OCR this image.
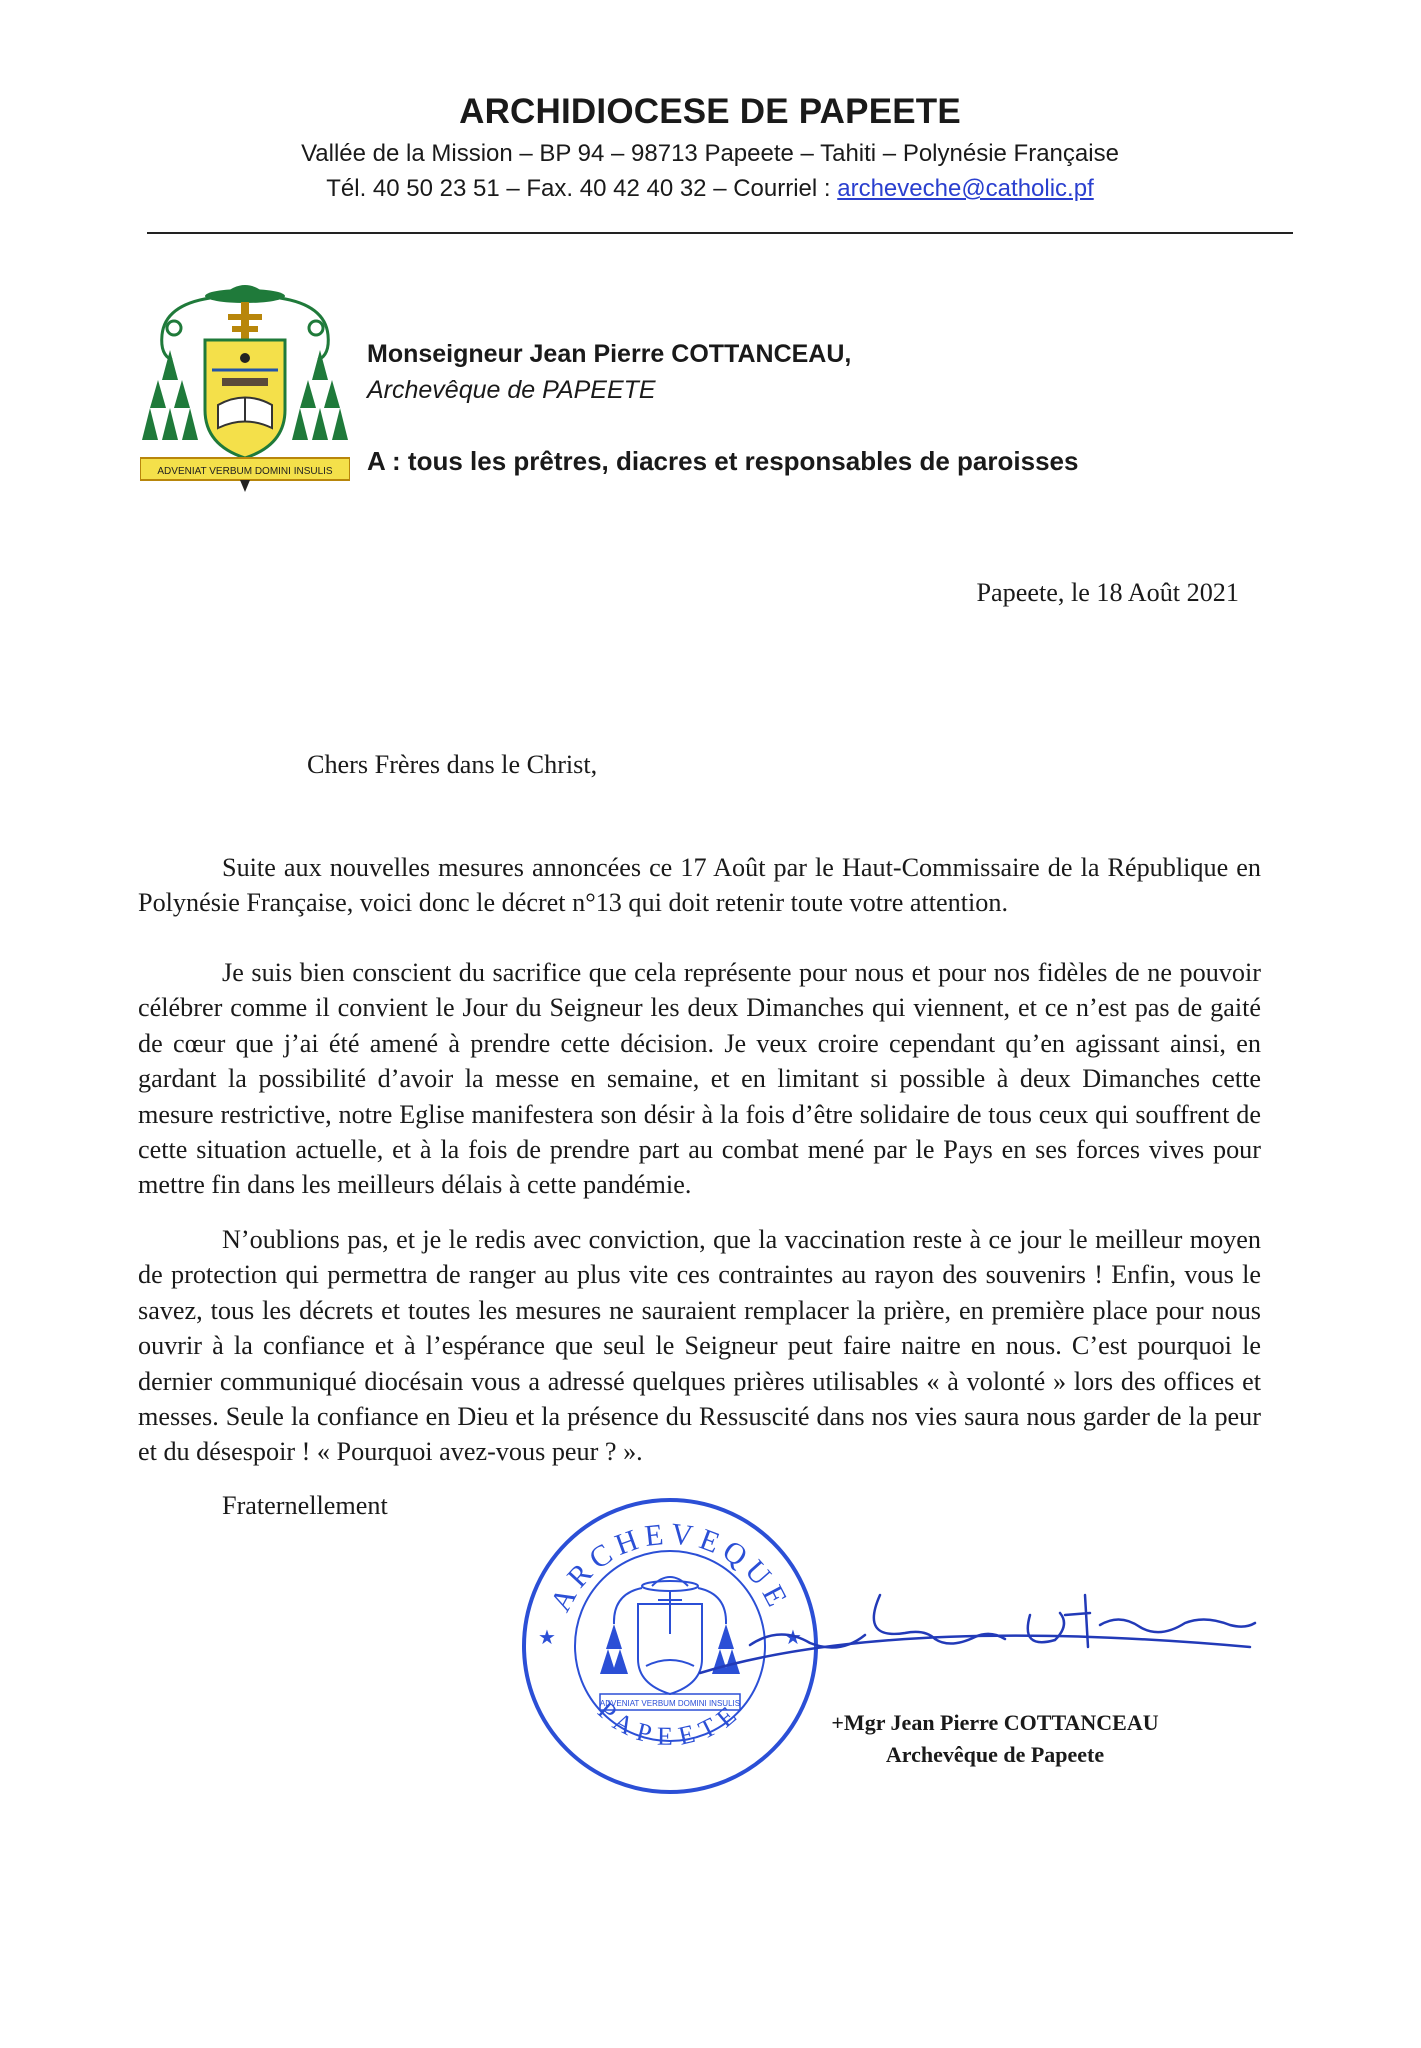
ARCHIDIOCESE DE PAPEETE
Vallée de la Mission – BP 94 – 98713 Papeete – Tahiti – Polynésie Française
Tél. 40 50 23 51 – Fax. 40 42 40 32 – Courriel : archeveche@catholic.pf
ADVENIAT VERBUM DOMINI INSULIS
Monseigneur Jean Pierre COTTANCEAU,
Archevêque de PAPEETE
A : tous les prêtres, diacres et responsables de paroisses
Papeete, le 18 Août 2021
Chers Frères dans le Christ,

Suite aux nouvelles mesures annoncées ce 17 Août par le Haut-Commissaire de la République en Polynésie Française, voici donc le décret n°13 qui doit retenir toute votre attention.

Je suis bien conscient du sacrifice que cela représente pour nous et pour nos fidèles de ne pouvoir célébrer comme il convient le Jour du Seigneur les deux Dimanches qui viennent, et ce n’est pas de gaité de cœur que j’ai été amené à prendre cette décision. Je veux croire cependant qu’en agissant ainsi, en gardant la possibilité d’avoir la messe en semaine, et en limitant si possible à deux Dimanches cette mesure restrictive, notre Eglise manifestera son désir à la fois d’être solidaire de tous ceux qui souffrent de cette situation actuelle, et à la fois de prendre part au combat mené par le Pays en ses forces vives pour mettre fin dans les meilleurs délais à cette pandémie.

N’oublions pas, et je le redis avec conviction, que la vaccination reste à ce jour le meilleur moyen de protection qui permettra de ranger au plus vite ces contraintes au rayon des souvenirs ! Enfin, vous le savez, tous les décrets et toutes les mesures ne sauraient remplacer la prière, en première place pour nous ouvrir à la confiance et à l’espérance que seul le Seigneur peut faire naitre en nous. C’est pourquoi le dernier communiqué diocésain vous a adressé quelques prières utilisables « à volonté » lors des offices et messes. Seule la confiance en Dieu et la présence du Ressuscité dans nos vies saura nous garder de la peur et du désespoir ! « Pourquoi avez-vous peur ? ».

Fraternellement
ARCHEVEQUE
PAPEETE
★	★
ADVENIAT VERBUM DOMINI INSULIS
+Mgr Jean Pierre COTTANCEAU
Archevêque de Papeete
